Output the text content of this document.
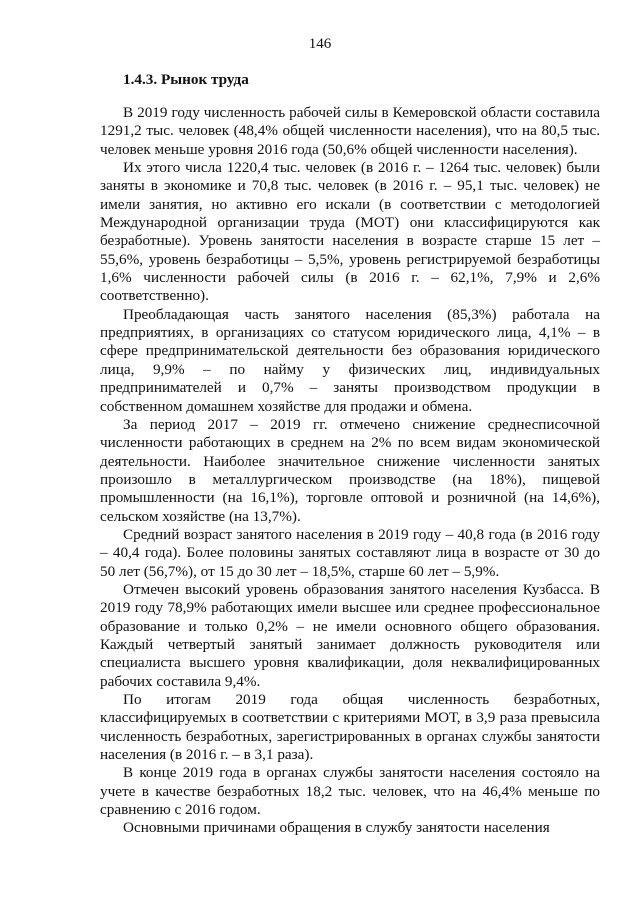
146
1.4.3. Рынок труда

В 2019 году численность рабочей силы в Кемеровской области составила 1291,2 тыс. человек (48,4% общей численности населения), что на 80,5 тыс. человек меньше уровня 2016 года (50,6% общей численности населения).

Их этого числа 1220,4 тыс. человек (в 2016 г. – 1264 тыс. человек) были заняты в экономике и 70,8 тыс. человек (в 2016 г. – 95,1 тыс. человек) не имели занятия, но активно его искали (в соответствии с методологией Международной организации труда (МОТ) они классифицируются как безработные). Уровень занятости населения в возрасте старше 15 лет – 55,6%, уровень безработицы – 5,5%, уровень регистрируемой безработицы 1,6% численности рабочей силы (в 2016 г. – 62,1%, 7,9% и 2,6% соответственно).

Преобладающая часть занятого населения (85,3%) работала на предприятиях, в организациях со статусом юридического лица, 4,1% – в сфере предпринимательской деятельности без образования юридического лица, 9,9% – по найму у физических лиц, индивидуальных предпринимателей и 0,7% – заняты производством продукции в собственном домашнем хозяйстве для продажи и обмена.

За период 2017 – 2019 гг. отмечено снижение среднесписочной численности работающих в среднем на 2% по всем видам экономической деятельности. Наиболее значительное снижение численности занятых произошло в металлургическом производстве (на 18%), пищевой промышленности (на 16,1%), торговле оптовой и розничной (на 14,6%), сельском хозяйстве (на 13,7%).

Средний возраст занятого населения в 2019 году – 40,8 года (в 2016 году – 40,4 года). Более половины занятых составляют лица в возрасте от 30 до 50 лет (56,7%), от 15 до 30 лет – 18,5%, старше 60 лет – 5,9%.

Отмечен высокий уровень образования занятого населения Кузбасса. В 2019 году 78,9% работающих имели высшее или среднее профессиональное образование и только 0,2% – не имели основного общего образования. Каждый четвертый занятый занимает должность руководителя или специалиста высшего уровня квалификации, доля неквалифицированных рабочих составила 9,4%.

По итогам 2019 года общая численность безработных, классифицируемых в соответствии с критериями МОТ, в 3,9 раза превысила численность безработных, зарегистрированных в органах службы занятости населения (в 2016 г. – в 3,1 раза).

В конце 2019 года в органах службы занятости населения состояло на учете в качестве безработных 18,2 тыс. человек, что на 46,4% меньше по сравнению с 2016 годом.

Основными причинами обращения в службу занятости населения
